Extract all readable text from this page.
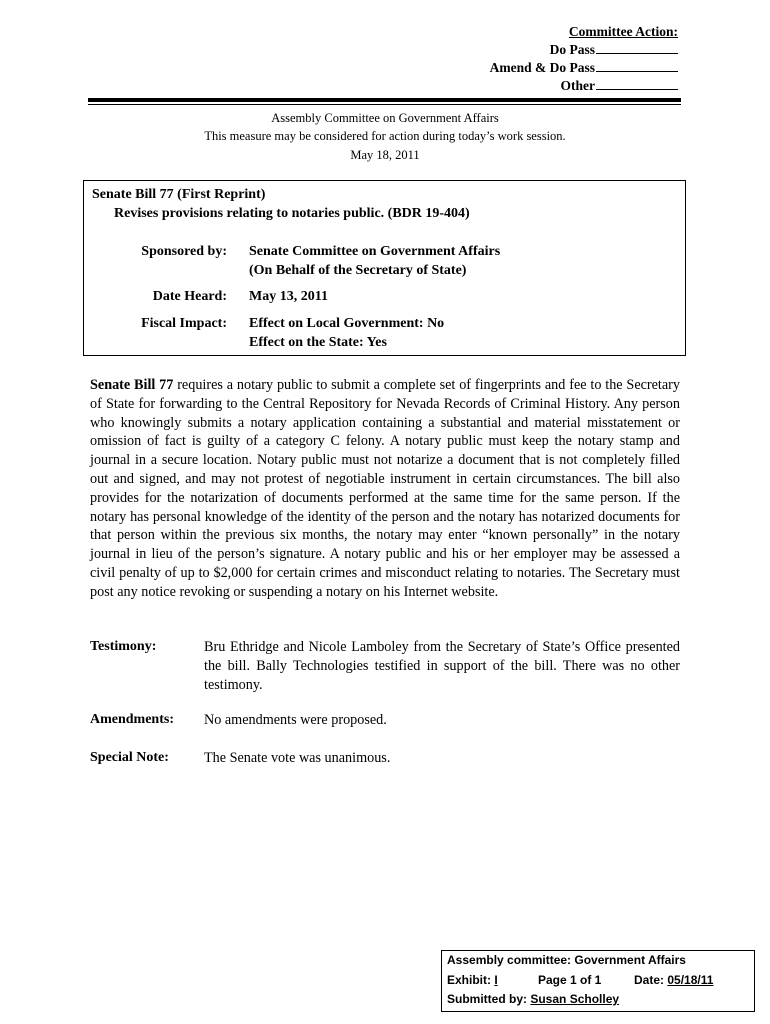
Committee Action:
Do Pass
Amend & Do Pass
Other
Assembly Committee on Government Affairs
This measure may be considered for action during today’s work session.
May 18, 2011
Senate Bill 77 (First Reprint)
Revises provisions relating to notaries public. (BDR 19-404)
Sponsored by: Senate Committee on Government Affairs
(On Behalf of the Secretary of State)
Date Heard: May 13, 2011
Fiscal Impact: Effect on Local Government: No
Effect on the State: Yes
Senate Bill 77 requires a notary public to submit a complete set of fingerprints and fee to the Secretary of State for forwarding to the Central Repository for Nevada Records of Criminal History. Any person who knowingly submits a notary application containing a substantial and material misstatement or omission of fact is guilty of a category C felony. A notary public must keep the notary stamp and journal in a secure location. Notary public must not notarize a document that is not completely filled out and signed, and may not protest of negotiable instrument in certain circumstances. The bill also provides for the notarization of documents performed at the same time for the same person. If the notary has personal knowledge of the identity of the person and the notary has notarized documents for that person within the previous six months, the notary may enter “known personally” in the notary journal in lieu of the person’s signature. A notary public and his or her employer may be assessed a civil penalty of up to $2,000 for certain crimes and misconduct relating to notaries. The Secretary must post any notice revoking or suspending a notary on his Internet website.
Testimony:	Bru Ethridge and Nicole Lamboley from the Secretary of State’s Office presented the bill. Bally Technologies testified in support of the bill. There was no other testimony.
Amendments: No amendments were proposed.
Special Note: The Senate vote was unanimous.
Assembly committee: Government Affairs
Exhibit: I	Page 1 of 1	Date: 05/18/11
Submitted by: Susan Scholley
